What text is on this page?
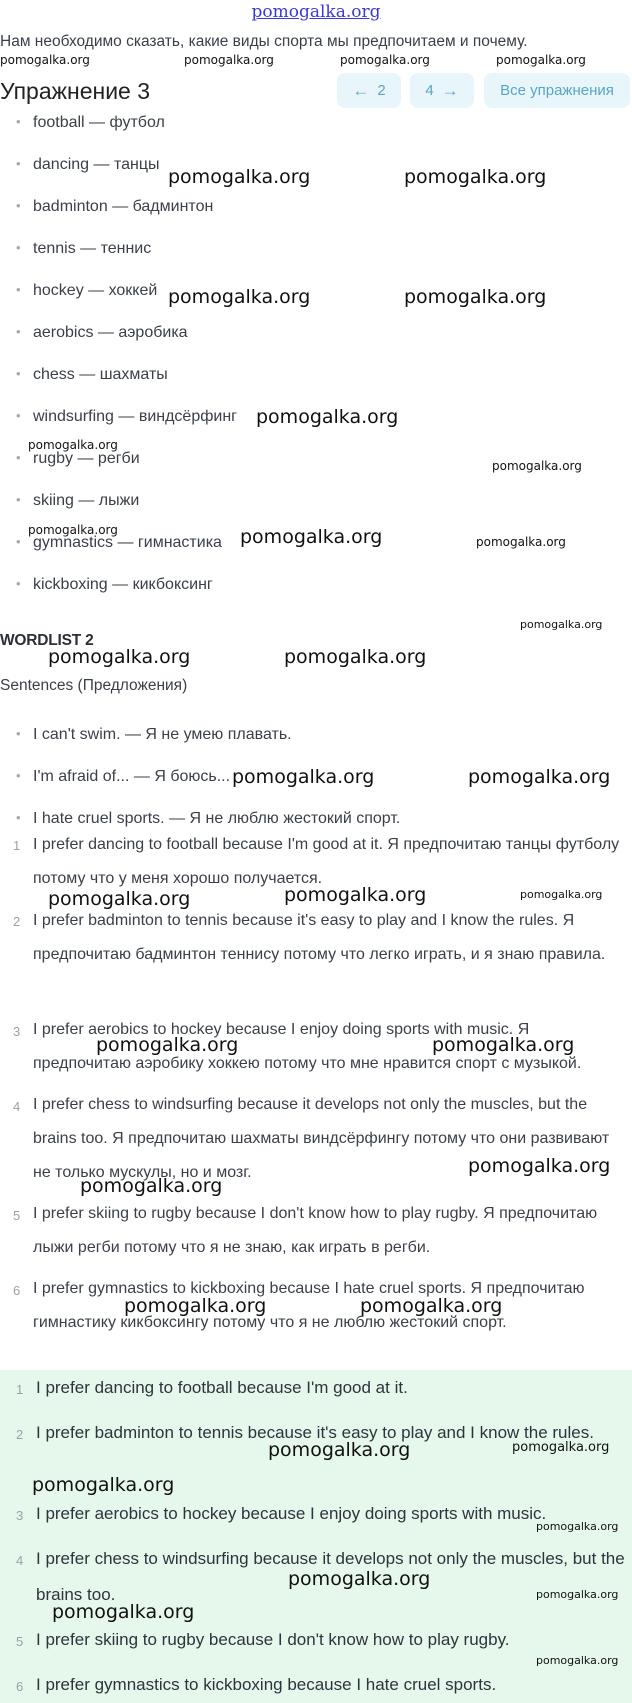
pomogalka.org
Нам необходимо сказать, какие виды спорта мы предпочитаем и почему.
Упражнение 3	← 2	4 →	Все упражнения
• football — футбол
• dancing — танцы
• badminton — бадминтон
• tennis — теннис
• hockey — хоккей
• aerobics — аэробика
• chess — шахматы
• windsurfing — виндсёрфинг
• rugby — регби
• skiing — лыжи
• gymnastics — гимнастика
• kickboxing — кикбоксинг
WORDLIST 2
Sentences (Предложения)
• I can't swim. — Я не умею плавать.
• I'm afraid of... — Я боюсь...
• I hate cruel sports. — Я не люблю жестокий спорт.
1 I prefer dancing to football because I'm good at it. Я предпочитаю танцы футболу потому что у меня хорошо получается.
2 I prefer badminton to tennis because it's easy to play and I know the rules. Я предпочитаю бадминтон теннису потому что легко играть, и я знаю правила.
3 I prefer aerobics to hockey because I enjoy doing sports with music. Я предпочитаю аэробику хоккею потому что мне нравится спорт с музыкой.
4 I prefer chess to windsurfing because it develops not only the muscles, but the brains too. Я предпочитаю шахматы виндсёрфингу потому что они развивают не только мускулы, но и мозг.
5 I prefer skiing to rugby because I don't know how to play rugby. Я предпочитаю лыжи регби потому что я не знаю, как играть в регби.
6 I prefer gymnastics to kickboxing because I hate cruel sports. Я предпочитаю гимнастику кикбоксингу потому что я не люблю жестокий спорт.
1 I prefer dancing to football because I'm good at it.
2 I prefer badminton to tennis because it's easy to play and I know the rules.
3 I prefer aerobics to hockey because I enjoy doing sports with music.
4 I prefer chess to windsurfing because it develops not only the muscles, but the brains too.
5 I prefer skiing to rugby because I don't know how to play rugby.
6 I prefer gymnastics to kickboxing because I hate cruel sports.
pomogalka.org	pomogalka.org	pomogalka.org	pomogalka.org
pomogalka.org	pomogalka.org
pomogalka.org	pomogalka.org
pomogalka.org
pomogalka.org
pomogalka.org
pomogalka.org	pomogalka.org	pomogalka.org
pomogalka.org
pomogalka.org	pomogalka.org
pomogalka.org	pomogalka.org
pomogalka.org	pomogalka.org	pomogalka.org
pomogalka.org	pomogalka.org
pomogalka.org
pomogalka.org
pomogalka.org	pomogalka.org
pomogalka.org	pomogalka.org
pomogalka.org
pomogalka.org
pomogalka.org
pomogalka.org
pomogalka.org
pomogalka.org
